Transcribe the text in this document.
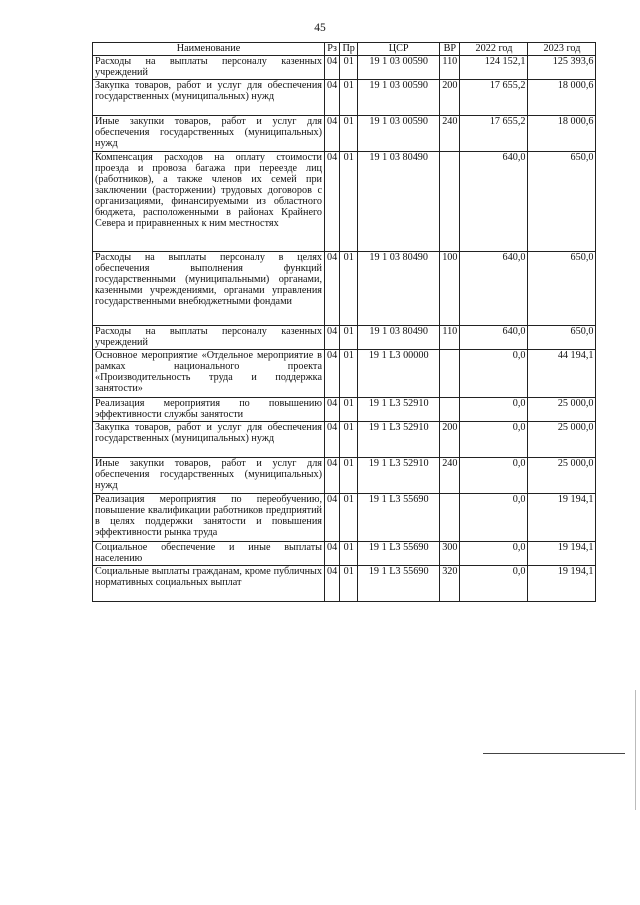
45
Наименование	Рз	Пр	ЦСР	ВР	2022 год	2023 год
Расходы на выплаты персоналу казенных учреждений	04	01	19 1 03 00590	110	124 152,1	125 393,6
Закупка товаров, работ и услуг для обеспечения государственных (муниципальных) нужд	04	01	19 1 03 00590	200	17 655,2	18 000,6
Иные закупки товаров, работ и услуг для обеспечения государственных (муниципальных) нужд	04	01	19 1 03 00590	240	17 655,2	18 000,6
Компенсация расходов на оплату стоимости проезда и провоза багажа при переезде лиц (работников), а также членов их семей при заключении (расторжении) трудовых договоров с организациями, финансируемыми из областного бюджета, расположенными в районах Крайнего Севера и приравненных к ним местностях	04	01	19 1 03 80490		640,0	650,0
Расходы на выплаты персоналу в целях обеспечения выполнения функций государственными (муниципальными) органами, казенными учреждениями, органами управления государственными внебюджетными фондами	04	01	19 1 03 80490	100	640,0	650,0
Расходы на выплаты персоналу казенных учреждений	04	01	19 1 03 80490	110	640,0	650,0
Основное мероприятие «Отдельное мероприятие в рамках национального проекта «Производительность труда и поддержка занятости»	04	01	19 1 L3 00000		0,0	44 194,1
Реализация мероприятия по повышению эффективности службы занятости	04	01	19 1 L3 52910		0,0	25 000,0
Закупка товаров, работ и услуг для обеспечения государственных (муниципальных) нужд	04	01	19 1 L3 52910	200	0,0	25 000,0
Иные закупки товаров, работ и услуг для обеспечения государственных (муниципальных) нужд	04	01	19 1 L3 52910	240	0,0	25 000,0
Реализация мероприятия по переобучению, повышение квалификации работников предприятий в целях поддержки занятости и повышения эффективности рынка труда	04	01	19 1 L3 55690		0,0	19 194,1
Социальное обеспечение и иные выплаты населению	04	01	19 1 L3 55690	300	0,0	19 194,1
Социальные выплаты гражданам, кроме публичных нормативных социальных выплат	04	01	19 1 L3 55690	320	0,0	19 194,1
